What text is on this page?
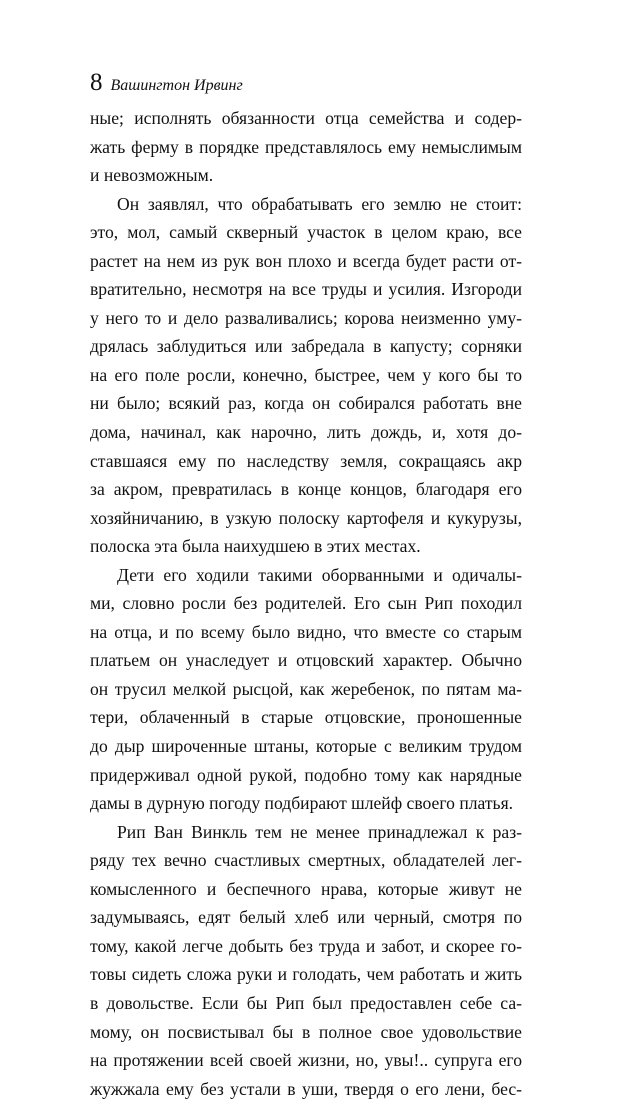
8 Вашингтон Ирвинг
ные; исполнять обязанности отца семейства и содер-
жать ферму в порядке представлялось ему немыслимым
и невозможным.
Он заявлял, что обрабатывать его землю не стоит:
это, мол, самый скверный участок в целом краю, все
растет на нем из рук вон плохо и всегда будет расти от-
вратительно, несмотря на все труды и усилия. Изгороди
у него то и дело разваливались; корова неизменно уму-
дрялась заблудиться или забредала в капусту; сорняки
на его поле росли, конечно, быстрее, чем у кого бы то
ни было; всякий раз, когда он собирался работать вне
дома, начинал, как нарочно, лить дождь, и, хотя до-
ставшаяся ему по наследству земля, сокращаясь акр
за акром, превратилась в конце концов, благодаря его
хозяйничанию, в узкую полоску картофеля и кукурузы,
полоска эта была наихудшею в этих местах.
Дети его ходили такими оборванными и одичалы-
ми, словно росли без родителей. Его сын Рип походил
на отца, и по всему было видно, что вместе со старым
платьем он унаследует и отцовский характер. Обычно
он трусил мелкой рысцой, как жеребенок, по пятам ма-
тери, облаченный в старые отцовские, проношенные
до дыр широченные штаны, которые с великим трудом
придерживал одной рукой, подобно тому как нарядные
дамы в дурную погоду подбирают шлейф своего платья.
Рип Ван Винкль тем не менее принадлежал к раз-
ряду тех вечно счастливых смертных, обладателей лег-
комысленного и беспечного нрава, которые живут не
задумываясь, едят белый хлеб или черный, смотря по
тому, какой легче добыть без труда и забот, и скорее го-
товы сидеть сложа руки и голодать, чем работать и жить
в довольстве. Если бы Рип был предоставлен себе са-
мому, он посвистывал бы в полное свое удовольствие
на протяжении всей своей жизни, но, увы!.. супруга его
жужжала ему без устали в уши, твердя о его лени, бес-
